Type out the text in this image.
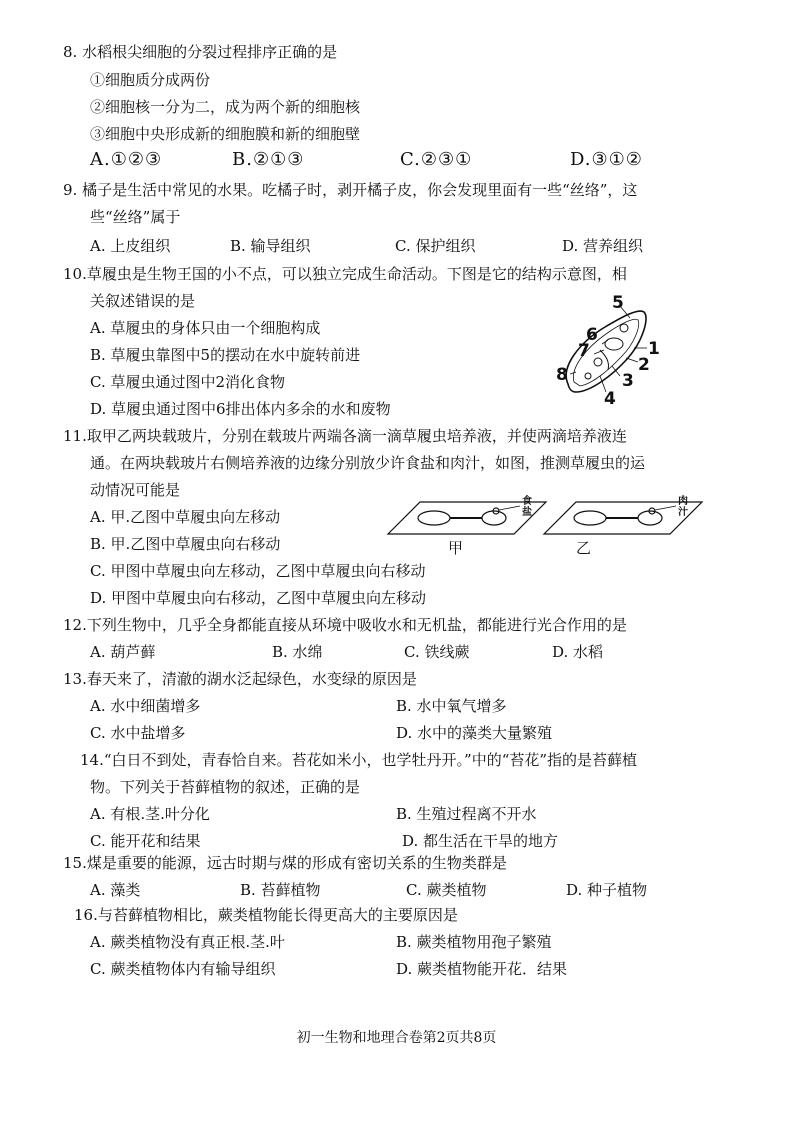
8. 水稻根尖细胞的分裂过程排序正确的是
①细胞质分成两份
②细胞核一分为二，成为两个新的细胞核
③细胞中央形成新的细胞膜和新的细胞壁
A.①②③	B.②①③	C.②③①	D.③①②
9. 橘子是生活中常见的水果。吃橘子时，剥开橘子皮，你会发现里面有一些“丝络”，这
些“丝络”属于
A. 上皮组织	B. 输导组织	C. 保护组织	D. 营养组织
10.草履虫是生物王国的小不点，可以独立完成生命活动。下图是它的结构示意图，相
关叙述错误的是
A. 草履虫的身体只由一个细胞构成
B. 草履虫靠图中5的摆动在水中旋转前进
C. 草履虫通过图中2消化食物
D. 草履虫通过图中6排出体内多余的水和废物
5
6
1
7
2
8	3
4
11.取甲乙两块载玻片，分别在载玻片两端各滴一滴草履虫培养液，并使两滴培养液连
通。在两块载玻片右侧培养液的边缘分别放少许食盐和肉汁，如图，推测草履虫的运
动情况可能是
A. 甲.乙图中草履虫向左移动
B. 甲.乙图中草履虫向右移动
C. 甲图中草履虫向左移动，乙图中草履虫向右移动
D. 甲图中草履虫向右移动，乙图中草履虫向左移动
食盐
肉汁
甲	乙
12.下列生物中，几乎全身都能直接从环境中吸收水和无机盐，都能进行光合作用的是
A. 葫芦藓	B. 水绵	C. 铁线蕨	D. 水稻
13.春天来了，清澈的湖水泛起绿色，水变绿的原因是
A. 水中细菌增多	B. 水中氧气增多
C. 水中盐增多	D. 水中的藻类大量繁殖
14.“白日不到处，青春恰自来。苔花如米小，也学牡丹开。”中的“苔花”指的是苔藓植
物。下列关于苔藓植物的叙述，正确的是
A. 有根.茎.叶分化	B. 生殖过程离不开水
C. 能开花和结果	D. 都生活在干旱的地方
15.煤是重要的能源，远古时期与煤的形成有密切关系的生物类群是
A. 藻类	B. 苔藓植物	C. 蕨类植物	D. 种子植物
16.与苔藓植物相比，蕨类植物能长得更高大的主要原因是
A. 蕨类植物没有真正根.茎.叶	B. 蕨类植物用孢子繁殖
C. 蕨类植物体内有输导组织	D. 蕨类植物能开花．结果
初一生物和地理合卷第2页共8页
